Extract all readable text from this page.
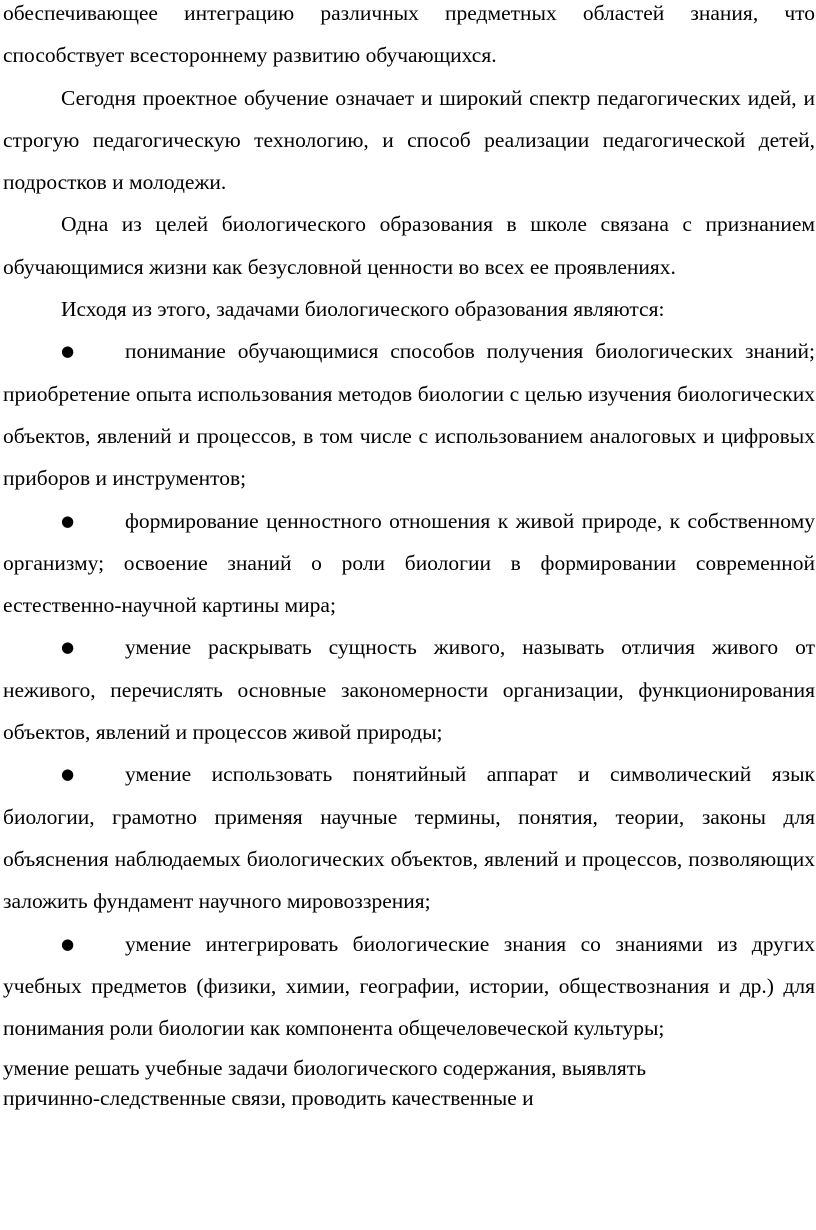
обеспечивающее интеграцию различных предметных областей знания, что способствует всестороннему развитию обучающихся.

Сегодня проектное обучение означает и широкий спектр педагогических идей, и строгую педагогическую технологию, и способ реализации педагогической детей, подростков и молодежи.

Одна из целей биологического образования в школе связана с признанием обучающимися жизни как безусловной ценности во всех ее проявлениях.

Исходя из этого, задачами биологического образования являются:

● понимание обучающимися способов получения биологических знаний; приобретение опыта использования методов биологии с целью изучения биологических объектов, явлений и процессов, в том числе с использованием аналоговых и цифровых приборов и инструментов;

● формирование ценностного отношения к живой природе, к собственному организму; освоение знаний о роли биологии в формировании современной естественно-научной картины мира;

● умение раскрывать сущность живого, называть отличия живого от неживого, перечислять основные закономерности организации, функционирования объектов, явлений и процессов живой природы;

● умение использовать понятийный аппарат и символический язык биологии, грамотно применяя научные термины, понятия, теории, законы для объяснения наблюдаемых биологических объектов, явлений и процессов, позволяющих заложить фундамент научного мировоззрения;

● умение интегрировать биологические знания со знаниями из других учебных предметов (физики, химии, географии, истории, обществознания и др.) для понимания роли биологии как компонента общечеловеческой культуры;

умение решать учебные задачи биологического содержания, выявлять
причинно-следственные связи, проводить качественные и
